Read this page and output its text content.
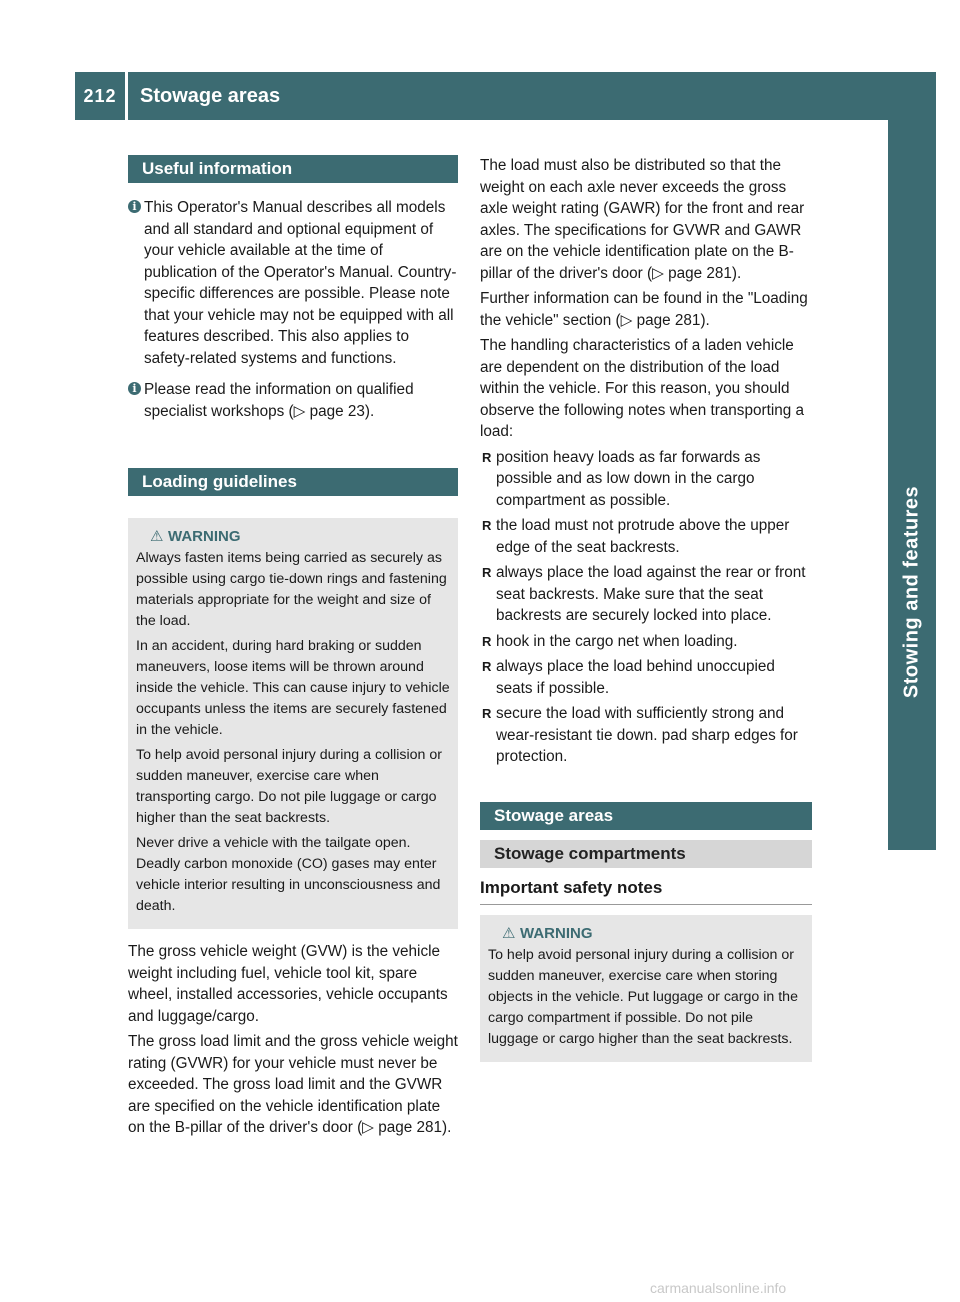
212	Stowage areas
Stowing and features
Useful information
i This Operator's Manual describes all models and all standard and optional equipment of your vehicle available at the time of publication of the Operator's Manual. Country-specific differences are possible. Please note that your vehicle may not be equipped with all features described. This also applies to safety-related systems and functions.
i Please read the information on qualified specialist workshops (▷ page 23).
Loading guidelines
⚠ WARNING

Always fasten items being carried as securely as possible using cargo tie-down rings and fastening materials appropriate for the weight and size of the load.

In an accident, during hard braking or sudden maneuvers, loose items will be thrown around inside the vehicle. This can cause injury to vehicle occupants unless the items are securely fastened in the vehicle.

To help avoid personal injury during a collision or sudden maneuver, exercise care when transporting cargo. Do not pile luggage or cargo higher than the seat backrests.

Never drive a vehicle with the tailgate open. Deadly carbon monoxide (CO) gases may enter vehicle interior resulting in unconsciousness and death.

The gross vehicle weight (GVW) is the vehicle weight including fuel, vehicle tool kit, spare wheel, installed accessories, vehicle occupants and luggage/cargo.

The gross load limit and the gross vehicle weight rating (GVWR) for your vehicle must never be exceeded. The gross load limit and the GVWR are specified on the vehicle identification plate on the B-pillar of the driver's door (▷ page 281).

The load must also be distributed so that the weight on each axle never exceeds the gross axle weight rating (GAWR) for the front and rear axles. The specifications for GVWR and GAWR are on the vehicle identification plate on the B-pillar of the driver's door (▷ page 281).

Further information can be found in the "Loading the vehicle" section (▷ page 281).

The handling characteristics of a laden vehicle are dependent on the distribution of the load within the vehicle. For this reason, you should observe the following notes when transporting a load:

R position heavy loads as far forwards as possible and as low down in the cargo compartment as possible.
R the load must not protrude above the upper edge of the seat backrests.
R always place the load against the rear or front seat backrests. Make sure that the seat backrests are securely locked into place.
R hook in the cargo net when loading.
R always place the load behind unoccupied seats if possible.
R secure the load with sufficiently strong and wear-resistant tie down. pad sharp edges for protection.
Stowage areas
Stowage compartments
Important safety notes
⚠ WARNING

To help avoid personal injury during a collision or sudden maneuver, exercise care when storing objects in the vehicle. Put luggage or cargo in the cargo compartment if possible. Do not pile luggage or cargo higher than the seat backrests.

carmanualsonline.info
